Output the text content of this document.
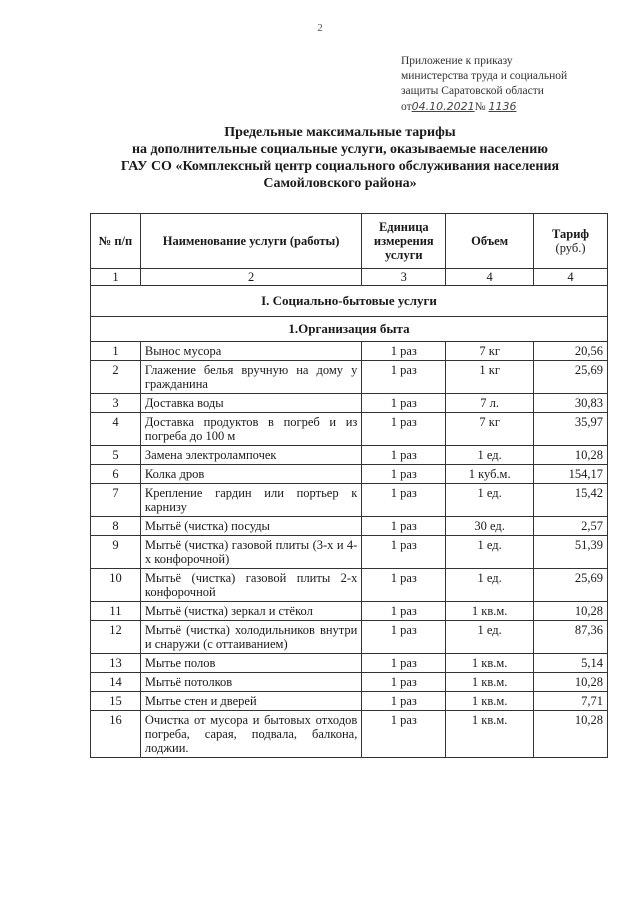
2
Приложение к приказу
министерства труда и социальной
защиты Саратовской области
от04.10.2021№ 1136
Предельные максимальные тарифы
на дополнительные социальные услуги, оказываемые населению
ГАУ СО «Комплексный центр социального обслуживания населения
Самойловского района»
№ п/п	Наименование услуги (работы)	Единица измерения услуги	Объем	Тариф
(руб.)
1	2	3	4	4
I. Социально-бытовые услуги				
1.Организация быта				
1	Вынос мусора	1 раз	7 кг	20,56
2	Глажение белья вручную на дому у гражданина	1 раз	1 кг	25,69
3	Доставка воды	1 раз	7 л.	30,83
4	Доставка продуктов в погреб и из погреба до 100 м	1 раз	7 кг	35,97
5	Замена электролампочек	1 раз	1 ед.	10,28
6	Колка дров	1 раз	1 куб.м.	154,17
7	Крепление гардин или портьер к карнизу	1 раз	1 ед.	15,42
8	Мытьё (чистка) посуды	1 раз	30 ед.	2,57
9	Мытьё (чистка) газовой плиты (3-х и 4-х конфорочной)	1 раз	1 ед.	51,39
10	Мытьё (чистка) газовой плиты 2-х конфорочной	1 раз	1 ед.	25,69
11	Мытьё (чистка) зеркал и стёкол	1 раз	1 кв.м.	10,28
12	Мытьё (чистка) холодильников внутри и снаружи (с оттаиванием)	1 раз	1 ед.	87,36
13	Мытье полов	1 раз	1 кв.м.	5,14
14	Мытьё потолков	1 раз	1 кв.м.	10,28
15	Мытье стен и дверей	1 раз	1 кв.м.	7,71
16	Очистка от мусора и бытовых отходов погреба, сарая, подвала, балкона, лоджии.	1 раз	1 кв.м.	10,28
